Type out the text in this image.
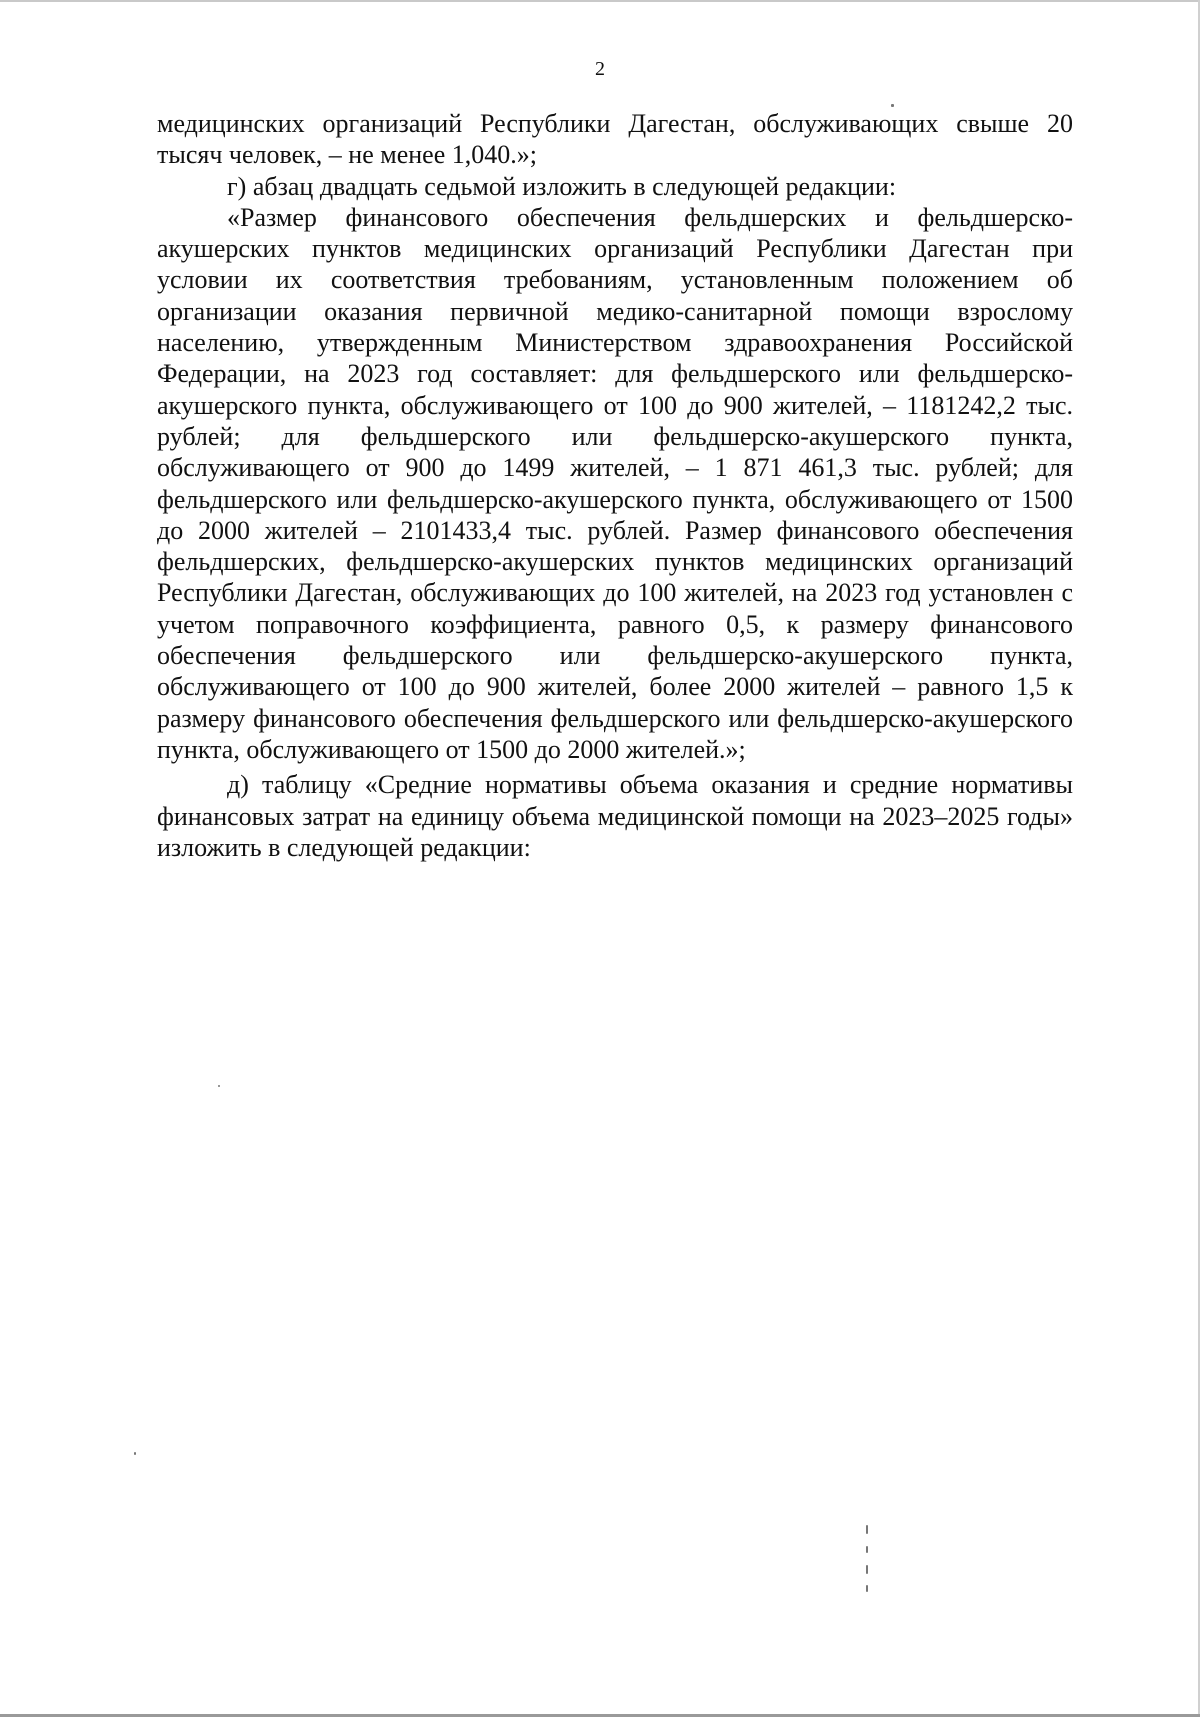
2

медицинских организаций Республики Дагестан, обслуживающих свыше 20 тысяч человек, – не менее 1,040.»;

г) абзац двадцать седьмой изложить в следующей редакции:

«Размер финансового обеспечения фельдшерских и фельдшерско-акушерских пунктов медицинских организаций Республики Дагестан при условии их соответствия требованиям, установленным положением об организации оказания первичной медико-санитарной помощи взрослому населению, утвержденным Министерством здравоохранения Российской Федерации, на 2023 год составляет: для фельдшерского или фельдшерско-акушерского пункта, обслуживающего от 100 до 900 жителей, – 1181242,2 тыс. рублей; для фельдшерского или фельдшерско-акушерского пункта, обслуживающего от 900 до 1499 жителей, – 1 871 461,3 тыс. рублей; для фельдшерского или фельдшерско-акушерского пункта, обслуживающего от 1500 до 2000 жителей – 2101433,4 тыс. рублей. Размер финансового обеспечения фельдшерских, фельдшерско-акушерских пунктов медицинских организаций Республики Дагестан, обслуживающих до 100 жителей, на 2023 год установлен с учетом поправочного коэффициента, равного 0,5, к размеру финансового обеспечения фельдшерского или фельдшерско-акушерского пункта, обслуживающего от 100 до 900 жителей, более 2000 жителей – равного 1,5 к размеру финансового обеспечения фельдшерского или фельдшерско-акушерского пункта, обслуживающего от 1500 до 2000 жителей.»;

д) таблицу «Средние нормативы объема оказания и средние нормативы финансовых затрат на единицу объема медицинской помощи на 2023–2025 годы» изложить в следующей редакции:
